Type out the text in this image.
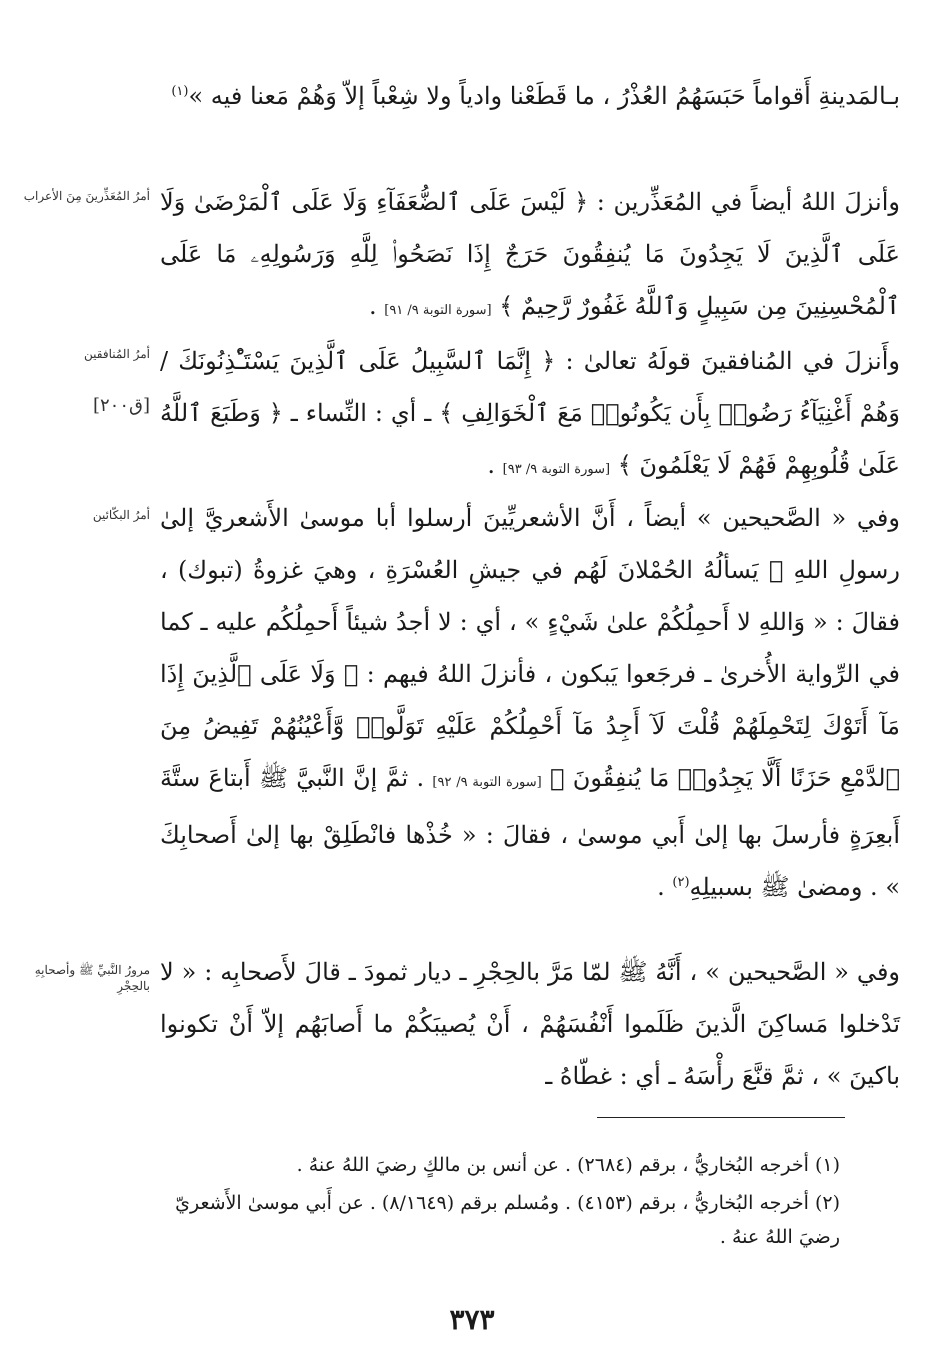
بـالمَدينةِ أَقواماً حَبَسَهُمُ العُذْرُ ، ما قَطَعْنا وادياً ولا شِعْباً إلاّ وَهُمْ مَعنا فيه »$^{(١)}$

وأنزلَ اللهُ أيضاً في المُعَذِّرين : ﴿ لَيْسَ عَلَى ٱلضُّعَفَآءِ وَلَا عَلَى ٱلْمَرْضَىٰ وَلَا عَلَى ٱلَّذِينَ لَا يَجِدُونَ مَا يُنفِقُونَ حَرَجٌ إِذَا نَصَحُوا۟ لِلَّهِ وَرَسُولِهِۦ مَا عَلَى ٱلْمُحْسِنِينَ مِن سَبِيلٍ وَٱللَّهُ غَفُورٌ رَّحِيمٌ ﴾ [سورة التوبة ٩/ ٩١] .

وأَنزلَ في المُنافقينَ قولَهُ تعالىٰ : ﴿ إِنَّمَا ٱلسَّبِيلُ عَلَى ٱلَّذِينَ يَسْتَـْٔذِنُونَكَ / وَهُمْ أَغْنِيَآءُ رَضُوا۟ بِأَن يَكُونُوا۟ مَعَ ٱلْخَوَالِفِ ﴾ ـ أي : النِّساء ـ ﴿ وَطَبَعَ ٱللَّهُ عَلَىٰ قُلُوبِهِمْ فَهُمْ لَا يَعْلَمُونَ ﴾ [سورة التوبة ٩/ ٩٣] .

وفي « الصَّحيحين » أيضاً ، أَنَّ الأشعريِّينَ أرسلوا أبا موسىٰ الأَشعريَّ إلىٰ رسولِ اللهِ ﷺ يَسألُهُ الحُمْلانَ لَهُم في جيشِ العُسْرَةِ ، وهيَ غزوةُ (تبوك) ، فقالَ : « وَاللهِ لا أَحمِلُكُمْ علىٰ شَيْءٍ » ، أي : لا أجدُ شيئاً أَحمِلُكُم عليه ـ كما في الرِّواية الأُخرىٰ ـ فرجَعوا يَبكون ، فأنزلَ اللهُ فيهم : ﴿ وَلَا عَلَى ٱلَّذِينَ إِذَا مَآ أَتَوْكَ لِتَحْمِلَهُمْ قُلْتَ لَآ أَجِدُ مَآ أَحْمِلُكُمْ عَلَيْهِ تَوَلَّوا۟ وَّأَعْيُنُهُمْ تَفِيضُ مِنَ ٱلدَّمْعِ حَزَنًا أَلَّا يَجِدُوا۟ مَا يُنفِقُونَ ﴾ [سورة التوبة ٩/ ٩٢] . ثمَّ إنَّ النَّبيَّ ﷺ أَبتاعَ ستَّةَ أَبعِرَةٍ فأرسلَ بها إلىٰ أَبي موسىٰ ، فقالَ : « خُذْها فانْطَلِقْ بها إلىٰ أَصحابِكَ » . ومضىٰ ﷺ بسبيلِهِ$^{(٢)}$ .

وفي « الصَّحيحين » ، أَنَّهُ ﷺ لمّا مَرَّ بالحِجْرِ ـ ديار ثمودَ ـ قالَ لأَصحابِه : « لا تَدْخلوا مَساكِنَ الَّذينَ ظَلَموا أَنْفُسَهُمْ ، أَنْ يُصيبَكُمْ ما أَصابَهُم إلاّ أَنْ تكونوا باكينَ » ، ثمَّ قنَّعَ رأْسَهُ ـ أي : غطّاهُ ـ

أمرُ المُعَذِّرينَ مِنَ الأعراب

أمرُ المُنافقين

[ق٢٠٠]

أمرُ البكّائين

مرورُ النَّبيِّ ﷺ وأصحابِهِ بالحِجْرِ

(١) أخرجه البُخاريُّ ، برقم (٢٦٨٤) . عن أنس بن مالكٍ رضيَ اللهُ عنهُ .

(٢) أخرجه البُخاريُّ ، برقم (٤١٥٣) . ومُسلم برقم (٨/١٦٤٩) . عن أَبي موسىٰ الأَشعريّ رضيَ اللهُ عنهُ .

٣٧٣
